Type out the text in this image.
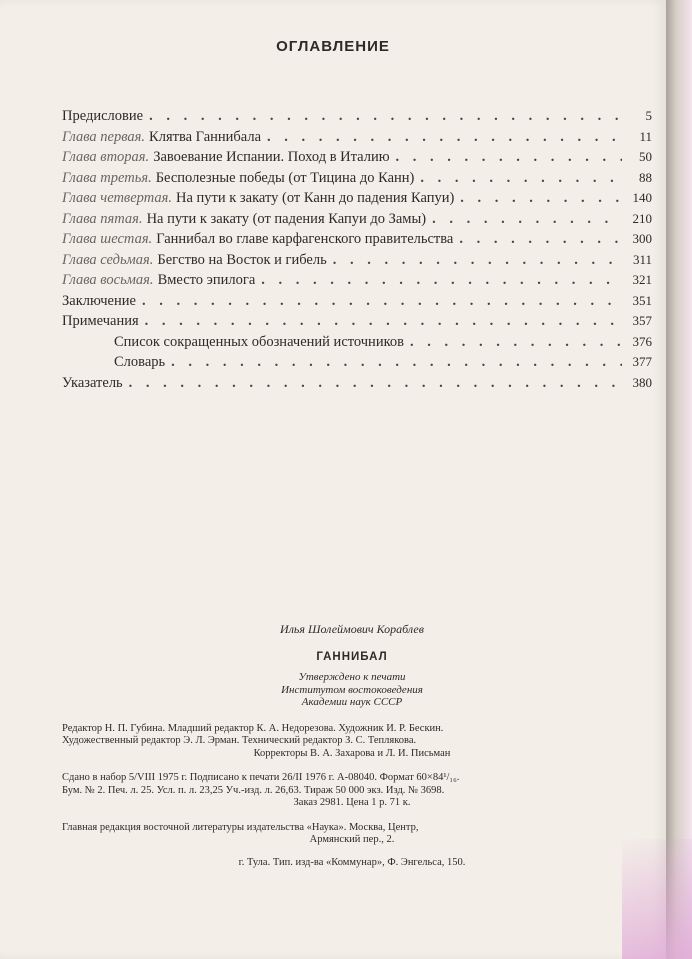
ОГЛАВЛЕНИЕ
Предисловие . . .	5
Глава первая. Клятва Ганнибала . . .	11
Глава вторая. Завоевание Испании. Поход в Италию . . .	50
Глава третья. Бесполезные победы (от Тицина до Канн) . . .	88
Глава четвертая. На пути к закату (от Канн до падения Капуи) . . .	140
Глава пятая. На пути к закату (от падения Капуи до Замы) . . .	210
Глава шестая. Ганнибал во главе карфагенского правительства . . .	300
Глава седьмая. Бегство на Восток и гибель . . .	311
Глава восьмая. Вместо эпилога . . .	321
Заключение . . .	351
Примечания . . .	357
Список сокращенных обозначений источников . . .	376
Словарь . . .	377
Указатель . . .	380
Илья Шолеймович Кораблев
ГАННИБАЛ
Утверждено к печати
Институтом востоковедения
Академии наук СССР
Редактор Н. П. Губина. Младший редактор К. А. Недорезова. Художник И. Р. Бескин.
Художественный редактор Э. Л. Эрман. Технический редактор З. С. Теплякова.
Корректоры В. А. Захарова и Л. И. Письман
Сдано в набор 5/VIII 1975 г. Подписано к печати 26/II 1976 г. А-08040. Формат 60×84¹/₁₆.
Бум. № 2. Печ. л. 25. Усл. п. л. 23,25 Уч.-изд. л. 26,63. Тираж 50 000 экз. Изд. № 3698.
Заказ 2981. Цена 1 р. 71 к.
Главная редакция восточной литературы издательства «Наука». Москва, Центр,
Армянский пер., 2.
г. Тула. Тип. изд-ва «Коммунар», Ф. Энгельса, 150.
